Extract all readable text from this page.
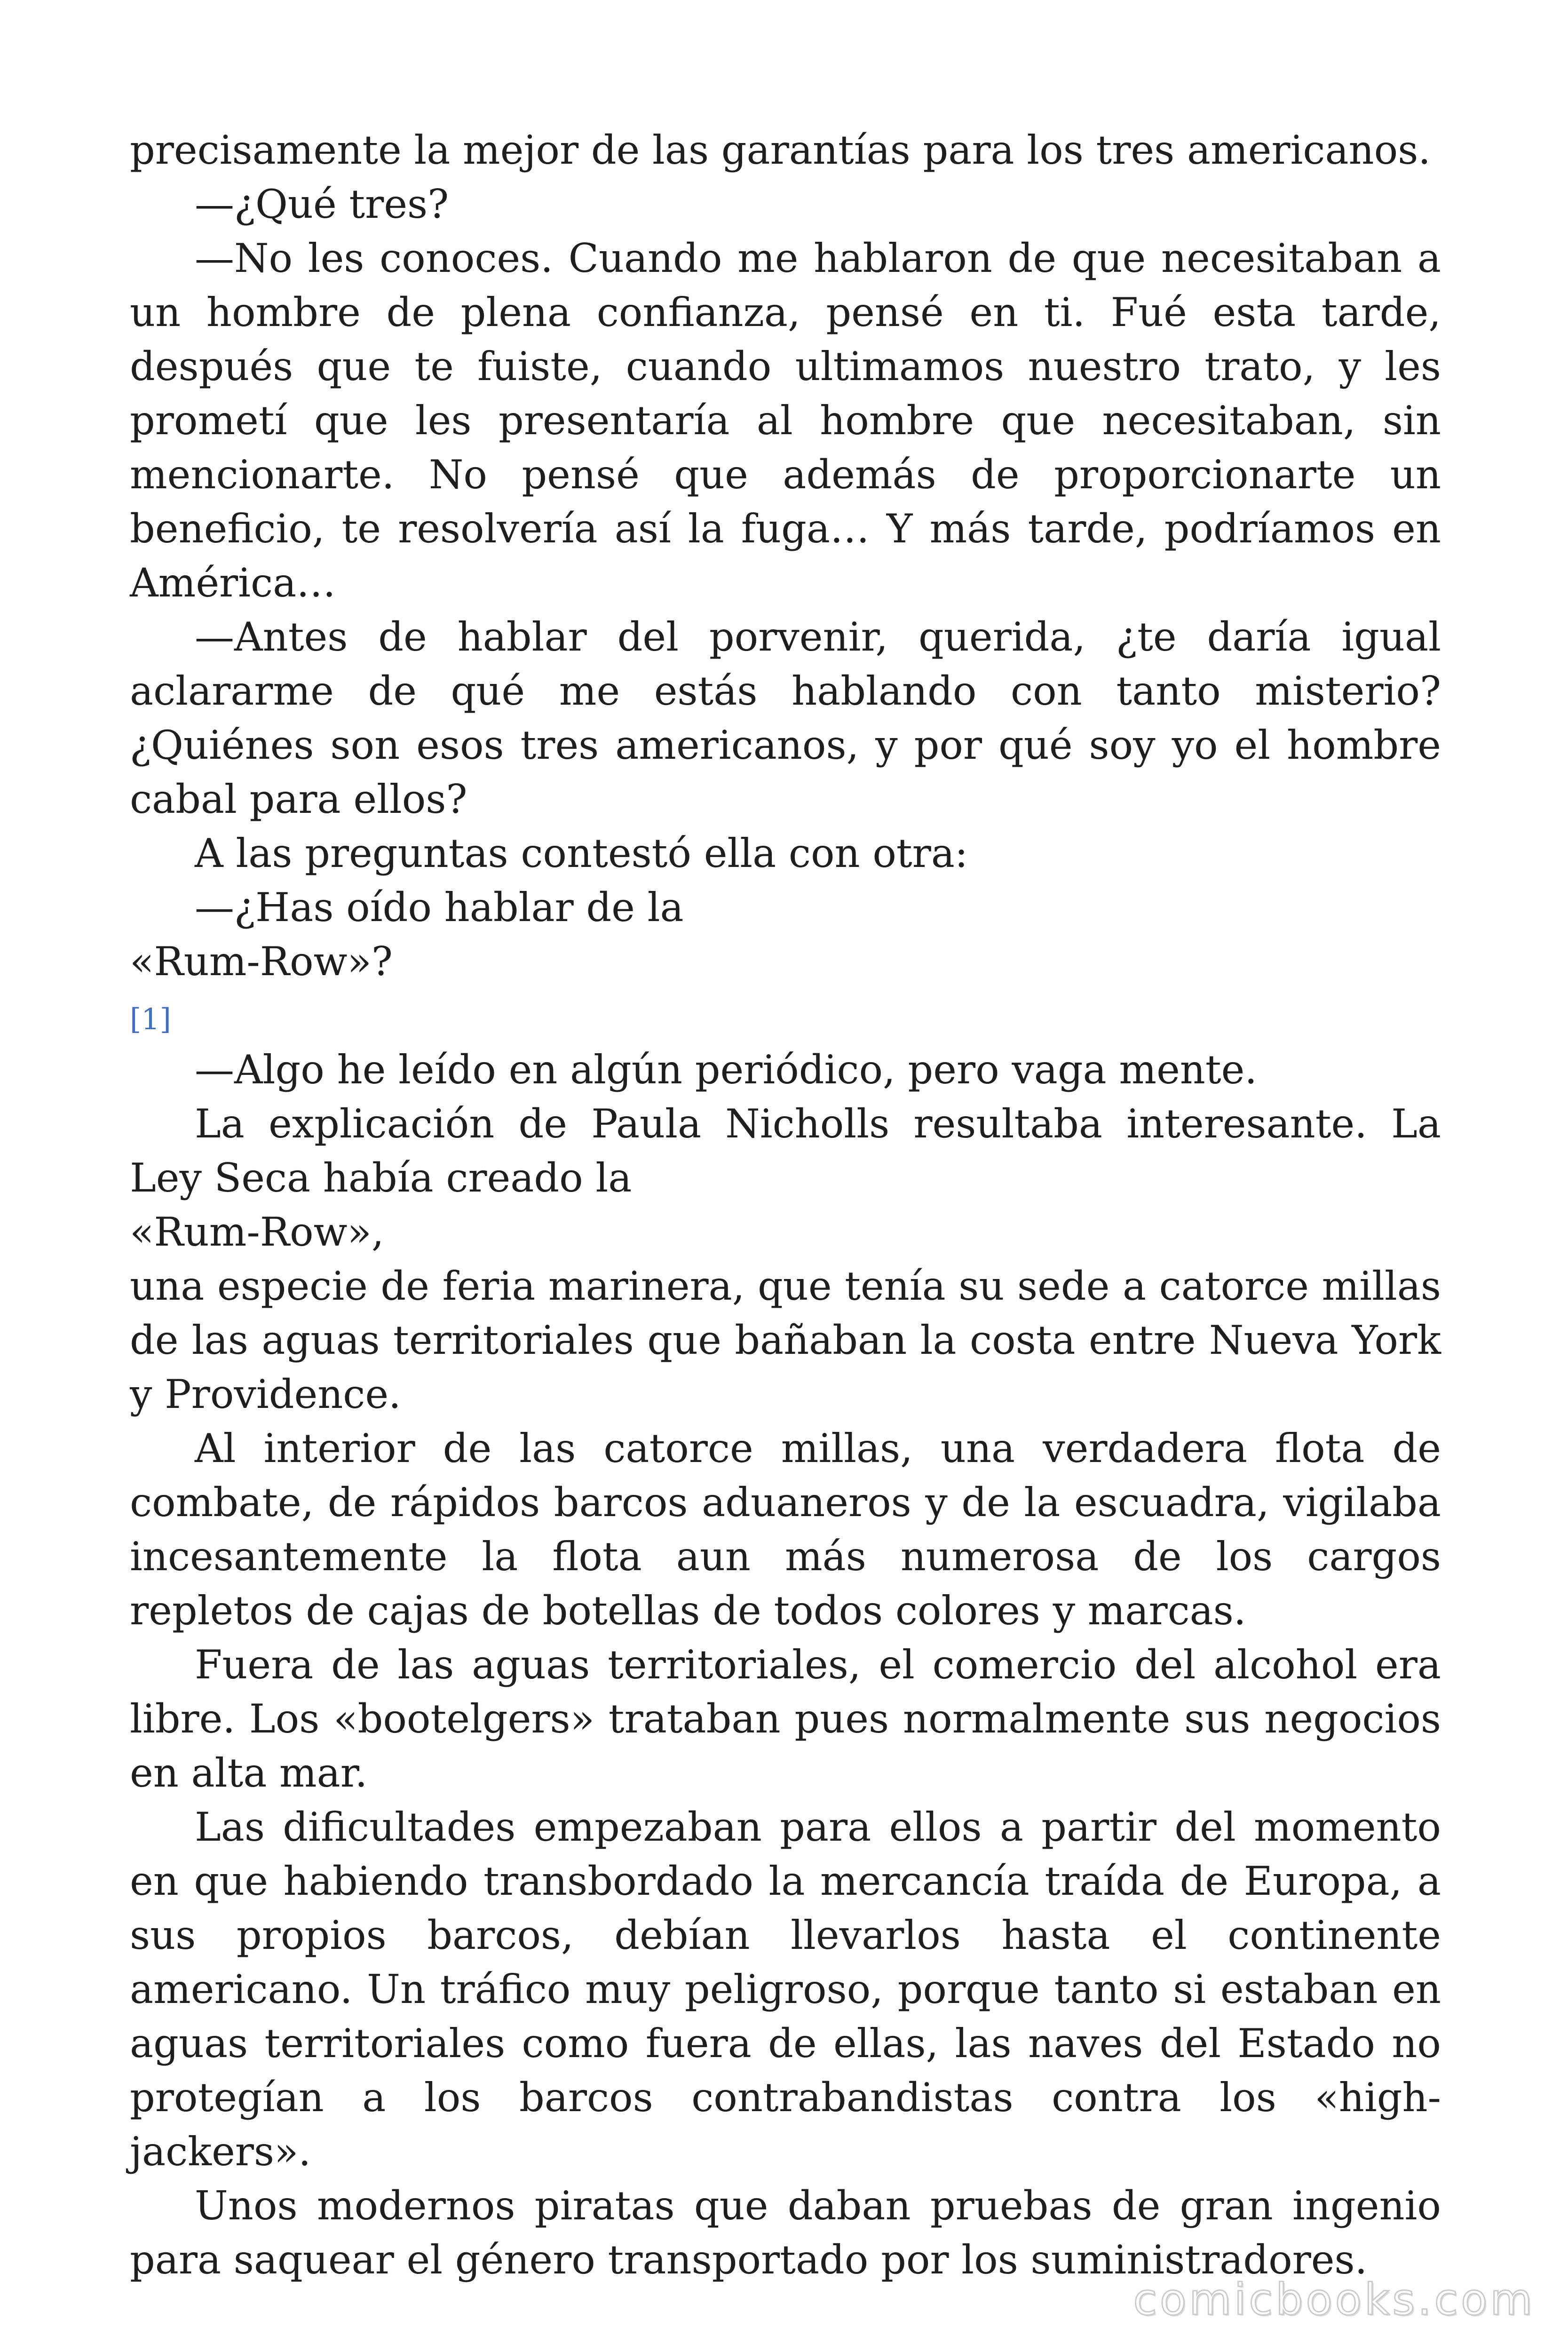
precisamente la mejor de las garantías para los tres americanos.

—¿Qué tres?

—No les conoces. Cuando me hablaron de que necesitaban a un hombre de plena confianza, pensé en ti. Fué esta tarde, después que te fuiste, cuando ultimamos nuestro trato, y les prometí que les presentaría al hombre que necesitaban, sin mencionarte. No pensé que además de proporcionarte un beneficio, te resolvería así la fuga… Y más tarde, podríamos en América…

—Antes de hablar del porvenir, querida, ¿te daría igual aclararme de qué me estás hablando con tanto misterio? ¿Quiénes son esos tres americanos, y por qué soy yo el hombre cabal para ellos?

A las preguntas contestó ella con otra:

—¿Has oído hablar de la

«Rum-Row»?

[1]

—Algo he leído en algún periódico, pero vaga mente.

La explicación de Paula Nicholls resultaba interesante. La Ley Seca había creado la

«Rum-Row»,

una especie de feria marinera, que tenía su sede a catorce millas de las aguas territoriales que bañaban la costa entre Nueva York y Providence.

Al interior de las catorce millas, una verdadera flota de combate, de rápidos barcos aduaneros y de la escuadra, vigilaba incesantemente la flota aun más numerosa de los cargos repletos de cajas de botellas de todos colores y marcas.

Fuera de las aguas territoriales, el comercio del alcohol era libre. Los «bootelgers» trataban pues normalmente sus negocios en alta mar.

Las dificultades empezaban para ellos a partir del momento en que habiendo transbordado la mercancía traída de Europa, a sus propios barcos, debían llevarlos hasta el continente americano. Un tráfico muy peligroso, porque tanto si estaban en aguas territoriales como fuera de ellas, las naves del Estado no protegían a los barcos contrabandistas contra los «high-jackers».

Unos modernos piratas que daban pruebas de gran ingenio para saquear el género transportado por los suministradores.

comicbooks.com
